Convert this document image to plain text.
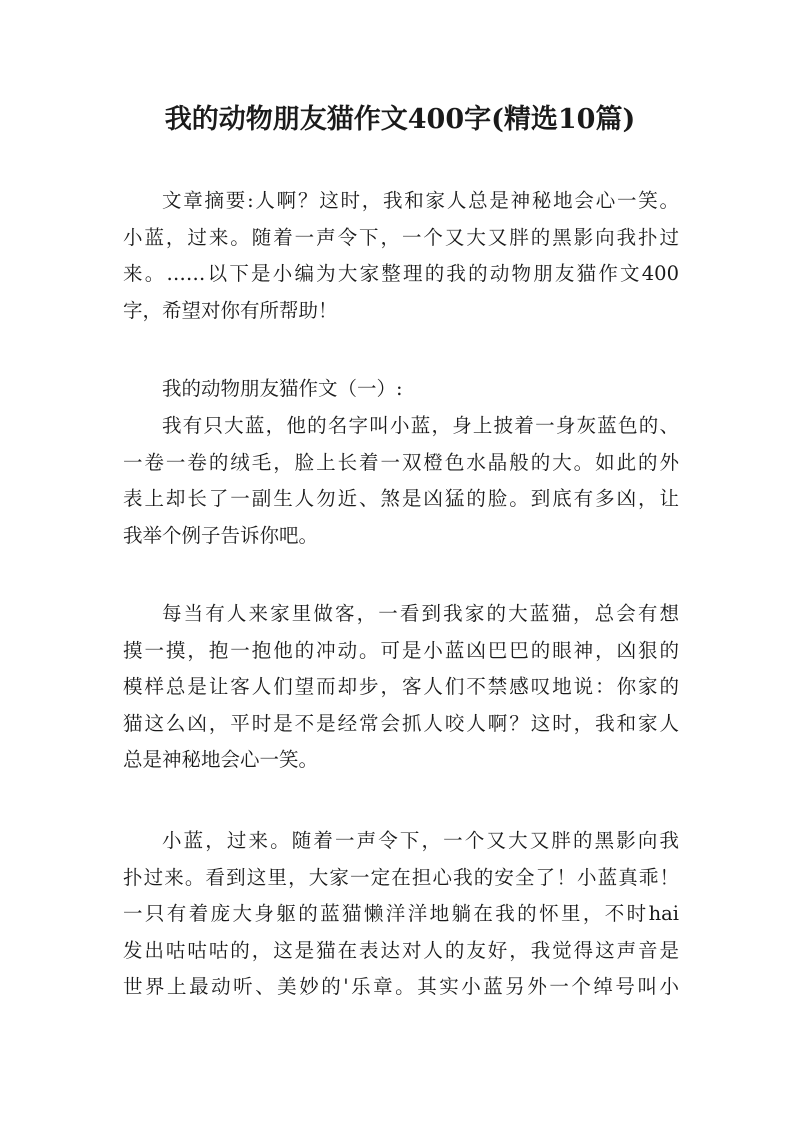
我的动物朋友猫作文400字(精选10篇)
文章摘要:人啊？这时，我和家人总是神秘地会心一笑。
小蓝，过来。随着一声令下，一个又大又胖的黑影向我扑过
来。……以下是小编为大家整理的我的动物朋友猫作文400
字，希望对你有所帮助！
我的动物朋友猫作文（一）:
我有只大蓝，他的名字叫小蓝，身上披着一身灰蓝色的、
一卷一卷的绒毛，脸上长着一双橙色水晶般的大。如此的外
表上却长了一副生人勿近、煞是凶猛的脸。到底有多凶，让
我举个例子告诉你吧。
每当有人来家里做客，一看到我家的大蓝猫，总会有想
摸一摸，抱一抱他的冲动。可是小蓝凶巴巴的眼神，凶狠的
模样总是让客人们望而却步，客人们不禁感叹地说：你家的
猫这么凶，平时是不是经常会抓人咬人啊？这时，我和家人
总是神秘地会心一笑。
小蓝，过来。随着一声令下，一个又大又胖的黑影向我
扑过来。看到这里，大家一定在担心我的安全了！小蓝真乖！
一只有着庞大身躯的蓝猫懒洋洋地躺在我的怀里，不时hai
发出咕咕咕的，这是猫在表达对人的友好，我觉得这声音是
世界上最动听、美妙的'乐章。其实小蓝另外一个绰号叫小
